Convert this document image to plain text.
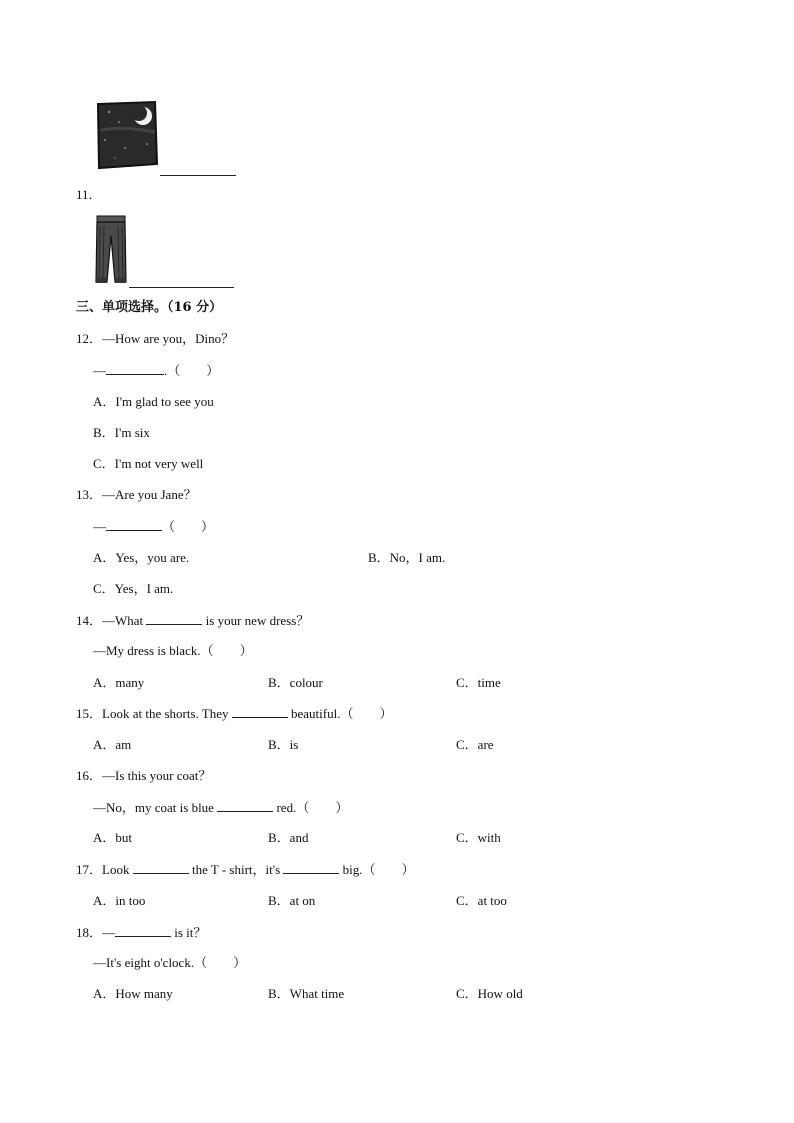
11．
三、单项选择。（16 分）
12．—How are you，Dino？
—	.（　　）
A．I'm glad to see you
B．I'm six
C．I'm not very well
13．—Are you Jane？
—	（　　）
A．Yes，you are.	B．No，I am.
C．Yes，I am.
14．—What	is your new dress？
—My dress is black.（　　）
A．many	B．colour	C．time
15．Look at the shorts. They	beautiful.（　　）
A．am	B．is	C．are
16．—Is this your coat？
—No，my coat is blue	red.（　　）
A．but	B．and	C．with
17．Look	the T - shirt，it's	big.（　　）
A．in too	B．at on	C．at too
18．—	is it？
—It's eight o'clock.（　　）
A．How many	B．What time	C．How old
